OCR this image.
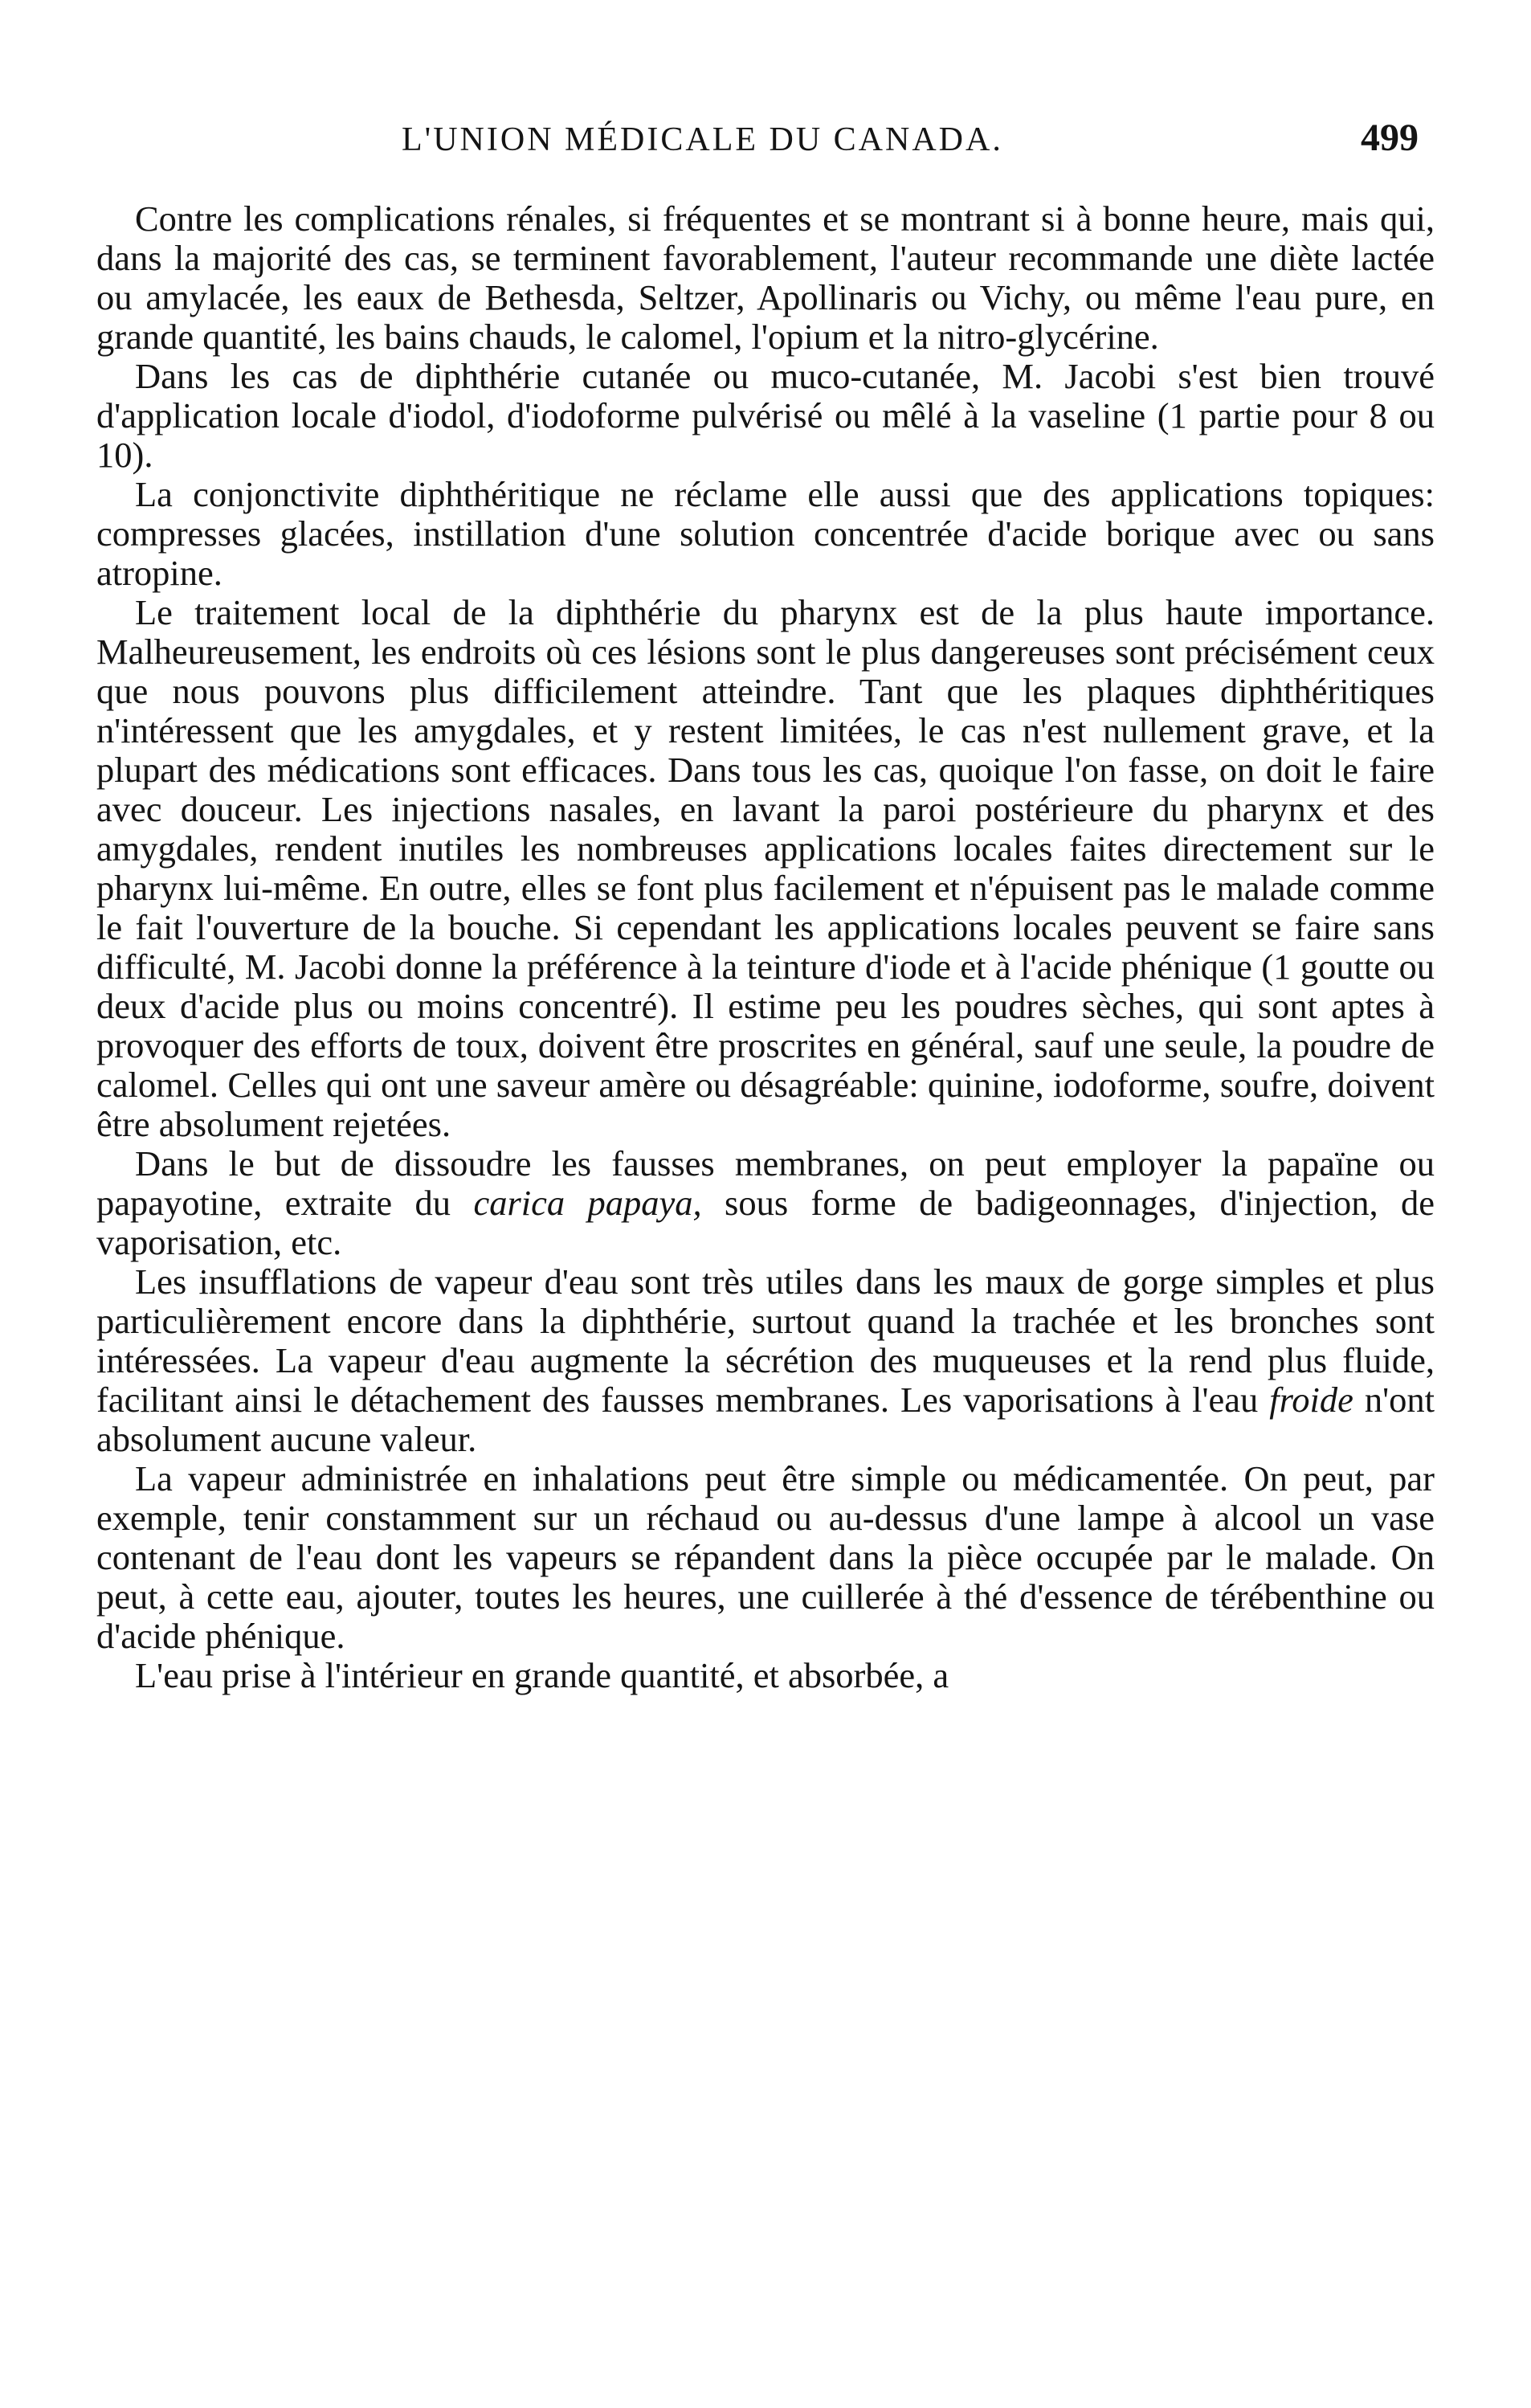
L'UNION MÉDICALE DU CANADA.	499

Contre les complications rénales, si fréquentes et se montrant si à bonne heure, mais qui, dans la majorité des cas, se terminent favorablement, l'auteur recommande une diète lactée ou amylacée, les eaux de Bethesda, Seltzer, Apollinaris ou Vichy, ou même l'eau pure, en grande quantité, les bains chauds, le calomel, l'opium et la nitro-glycérine.

Dans les cas de diphthérie cutanée ou muco-cutanée, M. Jacobi s'est bien trouvé d'application locale d'iodol, d'iodoforme pulvérisé ou mêlé à la vaseline (1 partie pour 8 ou 10).

La conjonctivite diphthéritique ne réclame elle aussi que des applications topiques: compresses glacées, instillation d'une solution concentrée d'acide borique avec ou sans atropine.

Le traitement local de la diphthérie du pharynx est de la plus haute importance. Malheureusement, les endroits où ces lésions sont le plus dangereuses sont précisément ceux que nous pouvons plus difficilement atteindre. Tant que les plaques diphthéritiques n'intéressent que les amygdales, et y restent limitées, le cas n'est nullement grave, et la plupart des médications sont efficaces. Dans tous les cas, quoique l'on fasse, on doit le faire avec douceur. Les injections nasales, en lavant la paroi postérieure du pharynx et des amygdales, rendent inutiles les nombreuses applications locales faites directement sur le pharynx lui-même. En outre, elles se font plus facilement et n'épuisent pas le malade comme le fait l'ouverture de la bouche. Si cependant les applications locales peuvent se faire sans difficulté, M. Jacobi donne la préférence à la teinture d'iode et à l'acide phénique (1 goutte ou deux d'acide plus ou moins concentré). Il estime peu les poudres sèches, qui sont aptes à provoquer des efforts de toux, doivent être proscrites en général, sauf une seule, la poudre de calomel. Celles qui ont une saveur amère ou désagréable: quinine, iodoforme, soufre, doivent être absolument rejetées.

Dans le but de dissoudre les fausses membranes, on peut employer la papaïne ou papayotine, extraite du carica papaya, sous forme de badigeonnages, d'injection, de vaporisation, etc.

Les insufflations de vapeur d'eau sont très utiles dans les maux de gorge simples et plus particulièrement encore dans la diphthérie, surtout quand la trachée et les bronches sont intéressées. La vapeur d'eau augmente la sécrétion des muqueuses et la rend plus fluide, facilitant ainsi le détachement des fausses membranes. Les vaporisations à l'eau froide n'ont absolument aucune valeur.

La vapeur administrée en inhalations peut être simple ou médicamentée. On peut, par exemple, tenir constamment sur un réchaud ou au-dessus d'une lampe à alcool un vase contenant de l'eau dont les vapeurs se répandent dans la pièce occupée par le malade. On peut, à cette eau, ajouter, toutes les heures, une cuillerée à thé d'essence de térébenthine ou d'acide phénique.

L'eau prise à l'intérieur en grande quantité, et absorbée, a
